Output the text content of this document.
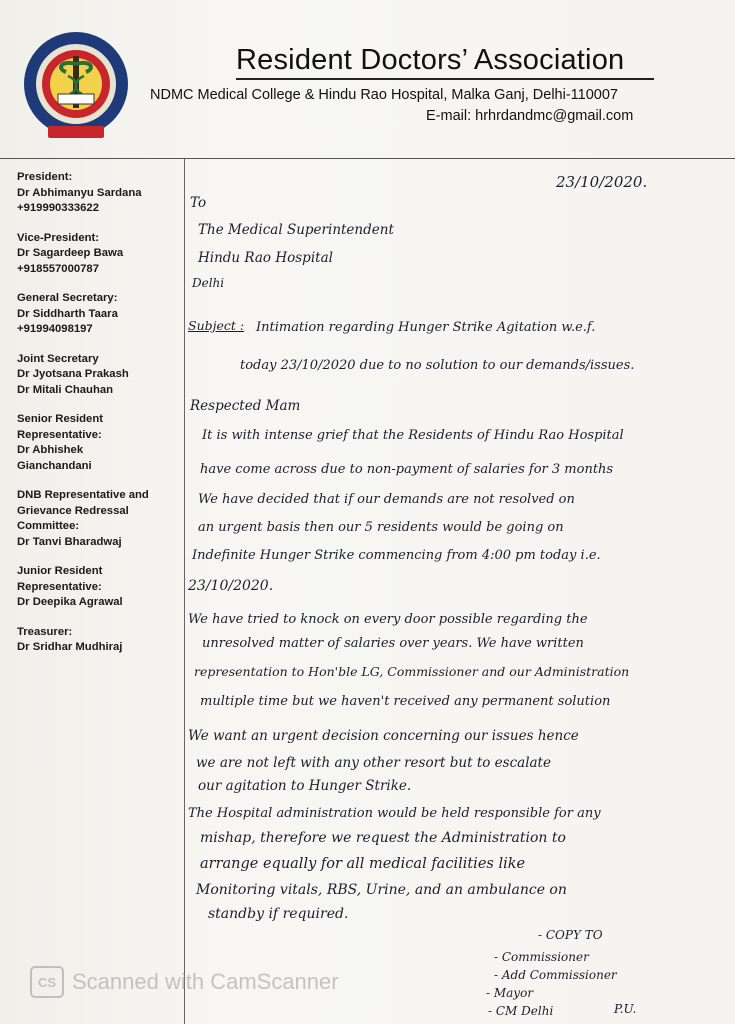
Resident Doctors’ Association
NDMC Medical College & Hindu Rao Hospital, Malka Ganj, Delhi-110007
E-mail: hrhrdandmc@gmail.com
President:
Dr Abhimanyu Sardana
+919990333622
Vice-President:
Dr Sagardeep Bawa
+918557000787
General Secretary:
Dr Siddharth Taara
+91994098197
Joint Secretary
Dr Jyotsana Prakash
Dr Mitali Chauhan
Senior Resident
Representative:
Dr Abhishek
Gianchandani
DNB Representative and
Grievance Redressal
Committee:
Dr Tanvi Bharadwaj
Junior Resident
Representative:
Dr Deepika Agrawal
Treasurer:
Dr Sridhar Mudhiraj
23/10/2020.
To
The Medical Superintendent
Hindu Rao Hospital
Delhi
Subject : Intimation regarding Hunger Strike Agitation w.e.f.
today 23/10/2020 due to no solution to our demands/issues.
Respected Mam
It is with intense grief that the Residents of Hindu Rao Hospital
have come across due to non-payment of salaries for 3 months
We have decided that if our demands are not resolved on
an urgent basis then our 5 residents would be going on
Indefinite Hunger Strike commencing from 4:00 pm today i.e.
23/10/2020.
We have tried to knock on every door possible regarding the
unresolved matter of salaries over years. We have written
representation to Hon'ble LG, Commissioner and our Administration
multiple time but we haven't received any permanent solution
We want an urgent decision concerning our issues hence
we are not left with any other resort but to escalate
our agitation to Hunger Strike.
The Hospital administration would be held responsible for any
mishap, therefore we request the Administration to
arrange equally for all medical facilities like
Monitoring vitals, RBS, Urine, and an ambulance on
standby if required.
- COPY TO
- Commissioner
- Add Commissioner
- Mayor
- CM Delhi	P.U.
CS Scanned with CamScanner
